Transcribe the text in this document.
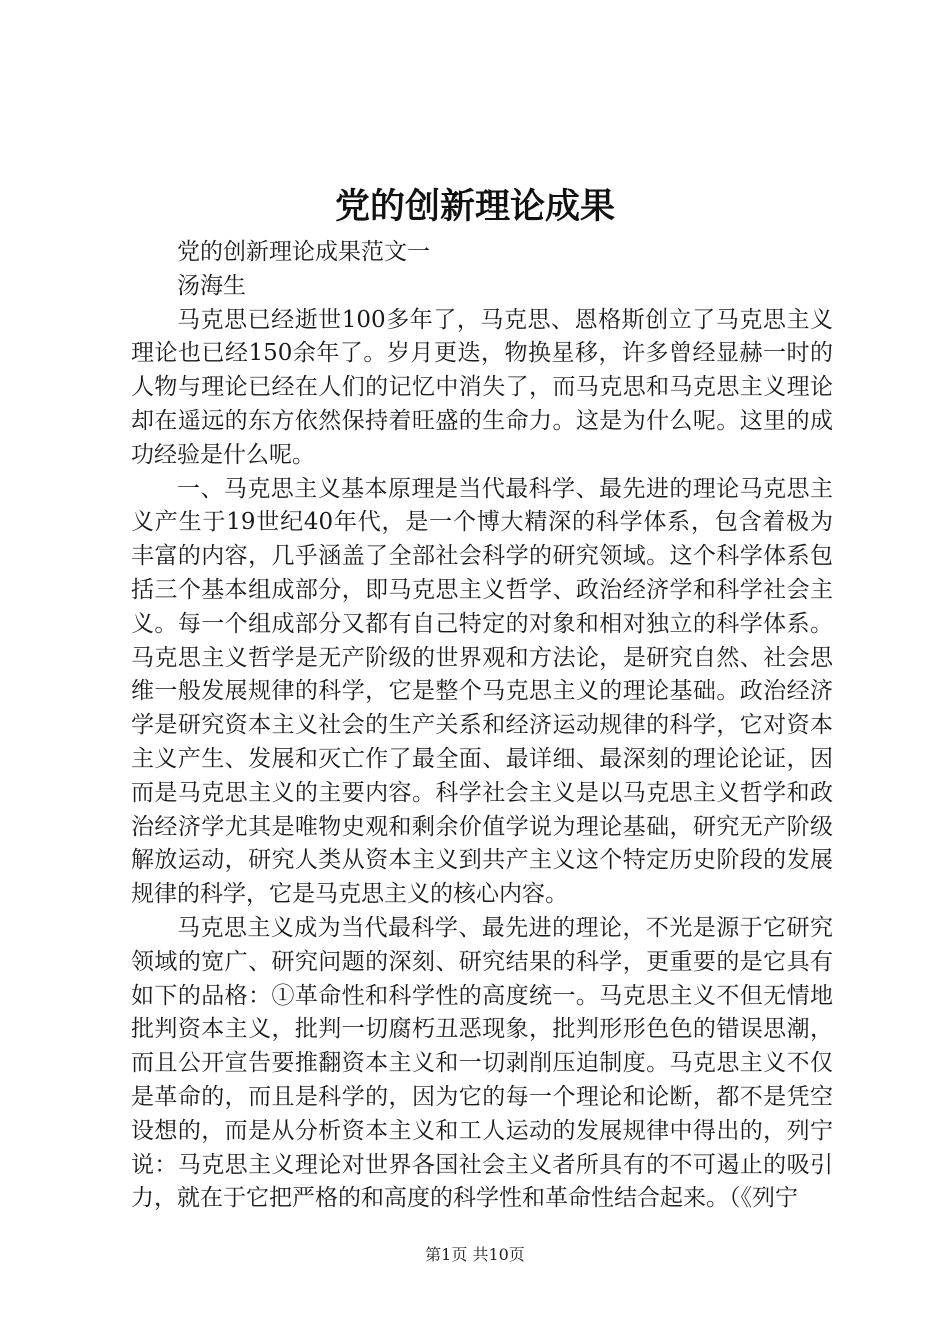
党的创新理论成果

党的创新理论成果范文一

汤海生

马克思已经逝世100多年了，马克思、恩格斯创立了马克思主义理论也已经150余年了。岁月更迭，物换星移，许多曾经显赫一时的人物与理论已经在人们的记忆中消失了，而马克思和马克思主义理论却在遥远的东方依然保持着旺盛的生命力。这是为什么呢。这里的成功经验是什么呢。

一、马克思主义基本原理是当代最科学、最先进的理论马克思主义产生于19世纪40年代，是一个博大精深的科学体系，包含着极为丰富的内容，几乎涵盖了全部社会科学的研究领域。这个科学体系包括三个基本组成部分，即马克思主义哲学、政治经济学和科学社会主义。每一个组成部分又都有自己特定的对象和相对独立的科学体系。马克思主义哲学是无产阶级的世界观和方法论，是研究自然、社会思维一般发展规律的科学，它是整个马克思主义的理论基础。政治经济学是研究资本主义社会的生产关系和经济运动规律的科学，它对资本主义产生、发展和灭亡作了最全面、最详细、最深刻的理论论证，因而是马克思主义的主要内容。科学社会主义是以马克思主义哲学和政治经济学尤其是唯物史观和剩余价值学说为理论基础，研究无产阶级解放运动，研究人类从资本主义到共产主义这个特定历史阶段的发展规律的科学，它是马克思主义的核心内容。

马克思主义成为当代最科学、最先进的理论，不光是源于它研究领域的宽广、研究问题的深刻、研究结果的科学，更重要的是它具有如下的品格：①革命性和科学性的高度统一。马克思主义不但无情地批判资本主义，批判一切腐朽丑恶现象，批判形形色色的错误思潮，而且公开宣告要推翻资本主义和一切剥削压迫制度。马克思主义不仅是革命的，而且是科学的，因为它的每一个理论和论断，都不是凭空设想的，而是从分析资本主义和工人运动的发展规律中得出的，列宁说：马克思主义理论对世界各国社会主义者所具有的不可遏止的吸引力，就在于它把严格的和高度的科学性和革命性结合起来。（《列宁

第1页 共10页
